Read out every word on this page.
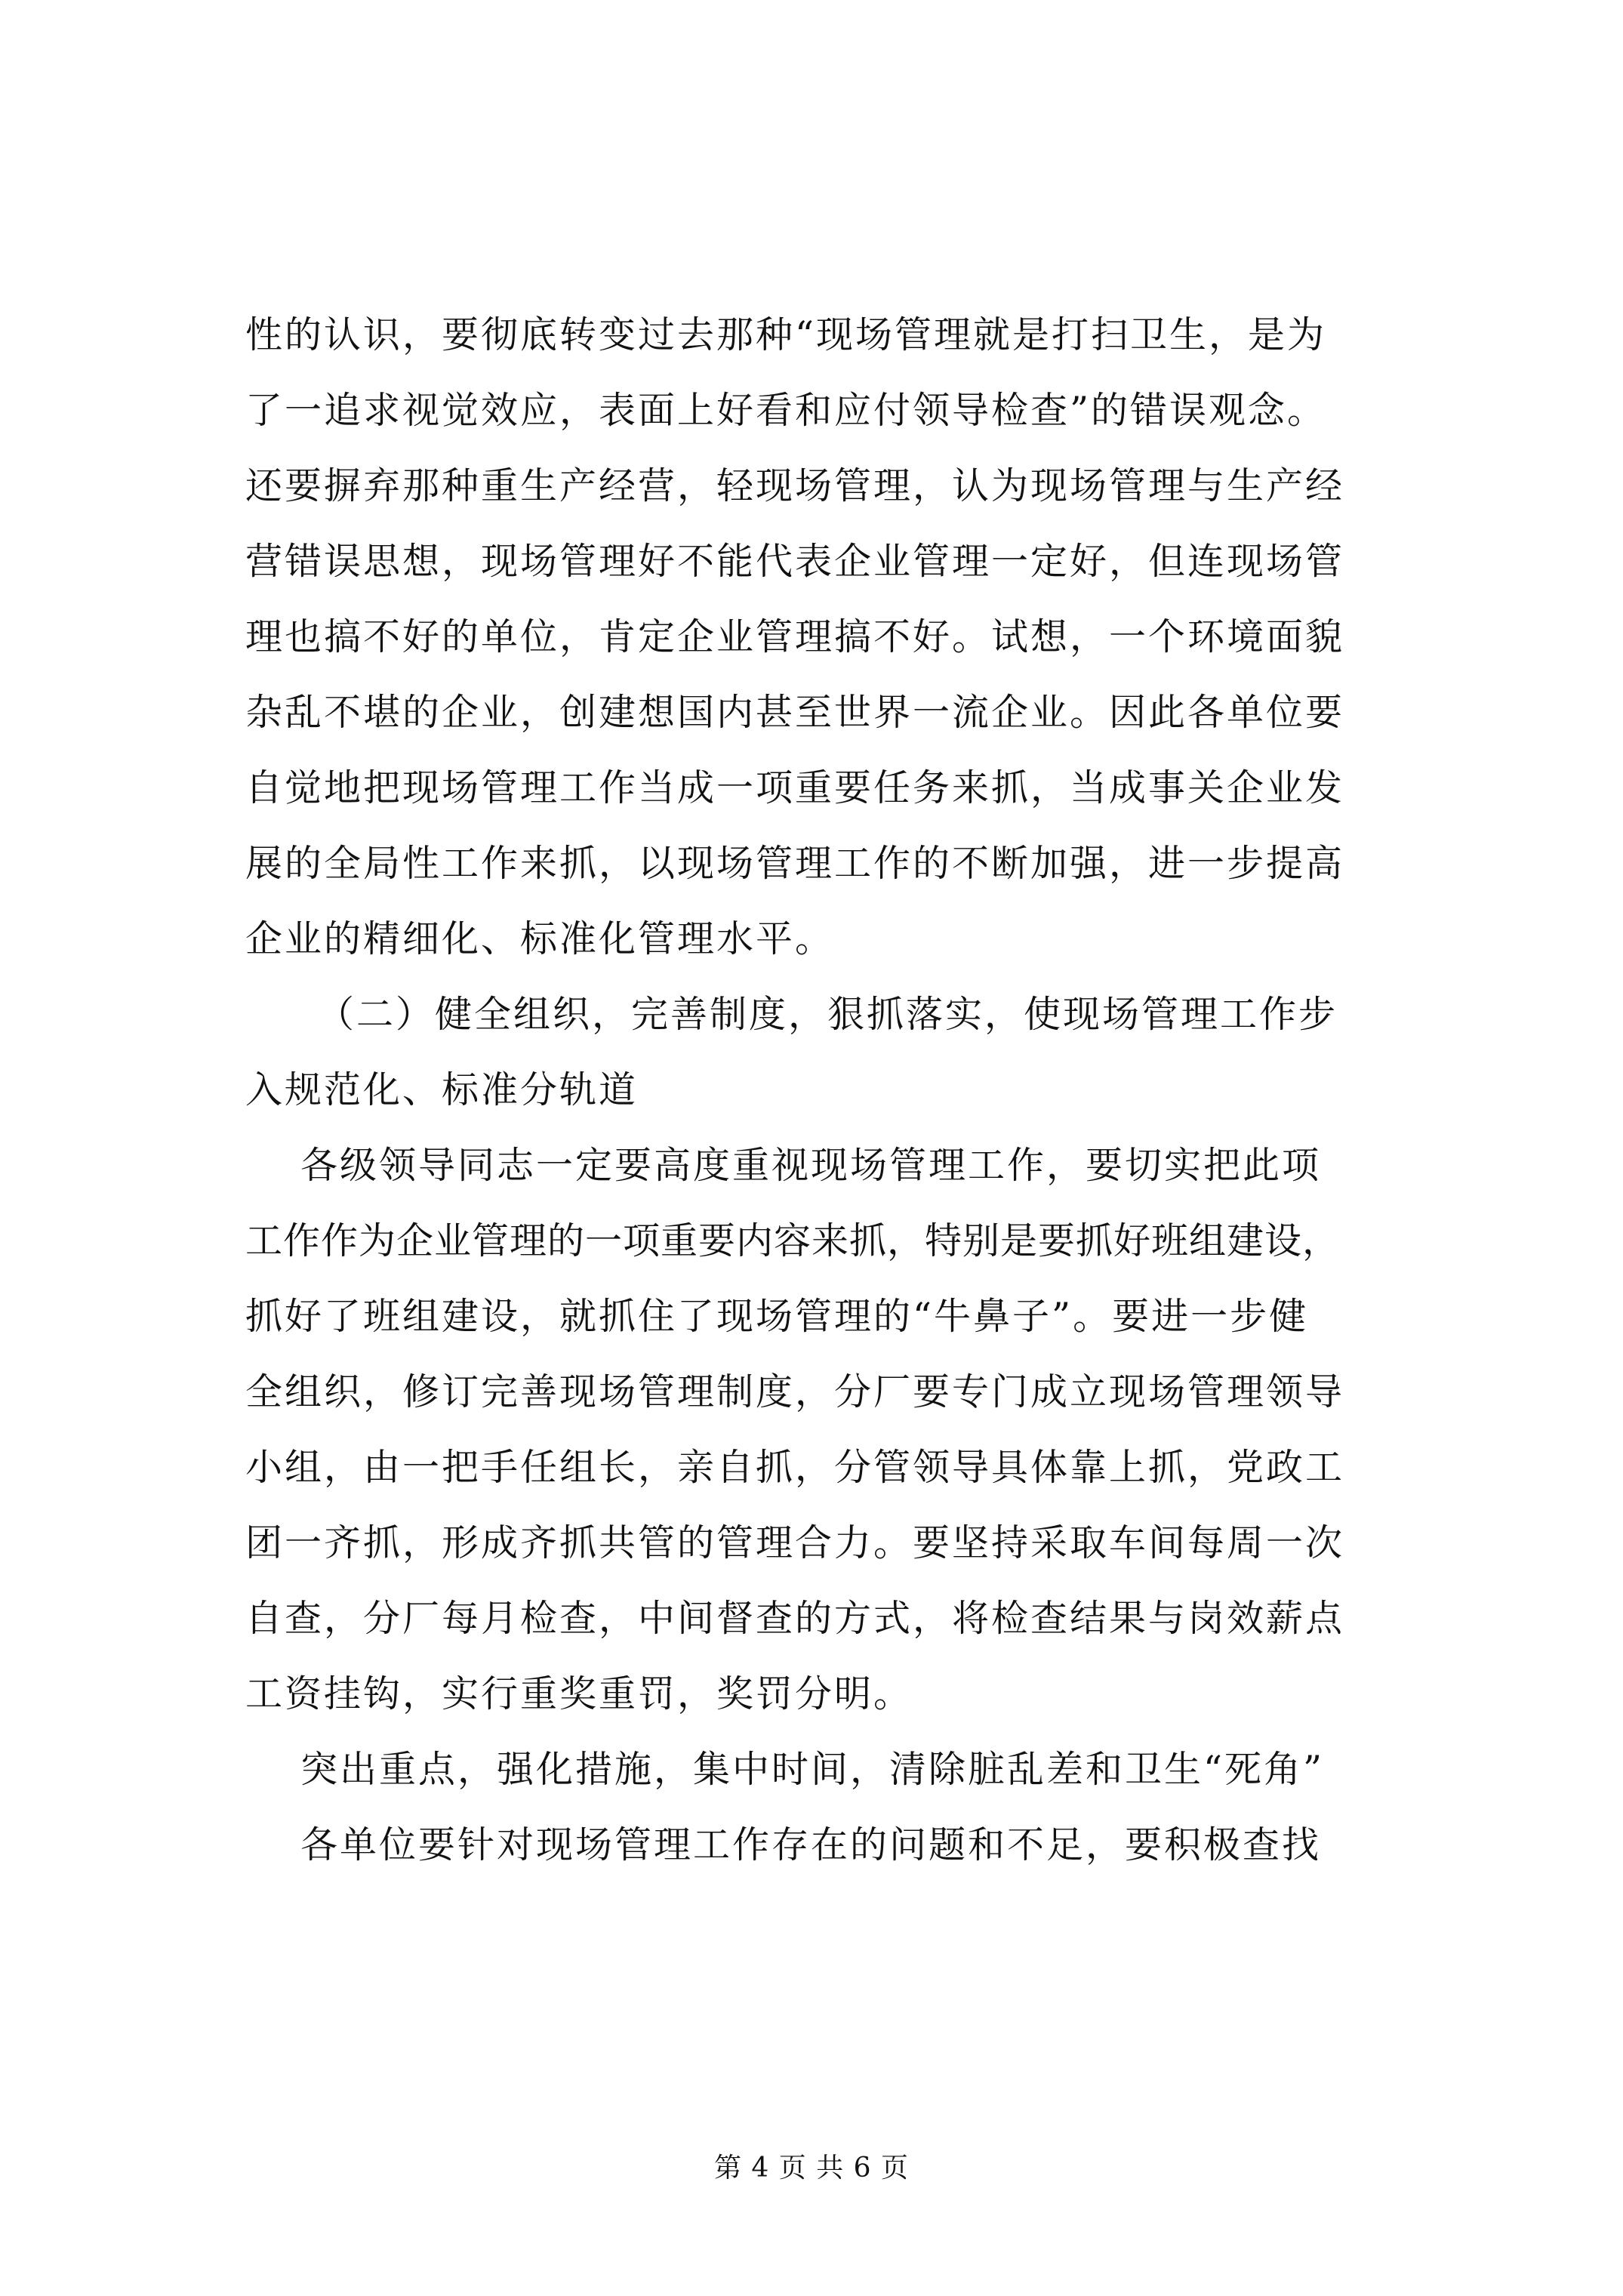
性的认识，要彻底转变过去那种“现场管理就是打扫卫生，是为
了一追求视觉效应，表面上好看和应付领导检查”的错误观念。
还要摒弃那种重生产经营，轻现场管理，认为现场管理与生产经
营错误思想，现场管理好不能代表企业管理一定好，但连现场管
理也搞不好的单位，肯定企业管理搞不好。试想，一个环境面貌
杂乱不堪的企业，创建想国内甚至世界一流企业。因此各单位要
自觉地把现场管理工作当成一项重要任务来抓，当成事关企业发
展的全局性工作来抓，以现场管理工作的不断加强，进一步提高
企业的精细化、标准化管理水平。
（二）健全组织，完善制度，狠抓落实，使现场管理工作步
入规范化、标准分轨道
各级领导同志一定要高度重视现场管理工作，要切实把此项
工作作为企业管理的一项重要内容来抓，特别是要抓好班组建设，
抓好了班组建设，就抓住了现场管理的“牛鼻子”。要进一步健
全组织，修订完善现场管理制度，分厂要专门成立现场管理领导
小组，由一把手任组长，亲自抓，分管领导具体靠上抓，党政工
团一齐抓，形成齐抓共管的管理合力。要坚持采取车间每周一次
自查，分厂每月检查，中间督查的方式，将检查结果与岗效薪点
工资挂钩，实行重奖重罚，奖罚分明。
突出重点，强化措施，集中时间，清除脏乱差和卫生“死角”
各单位要针对现场管理工作存在的问题和不足，要积极查找
第 4 页 共 6 页
